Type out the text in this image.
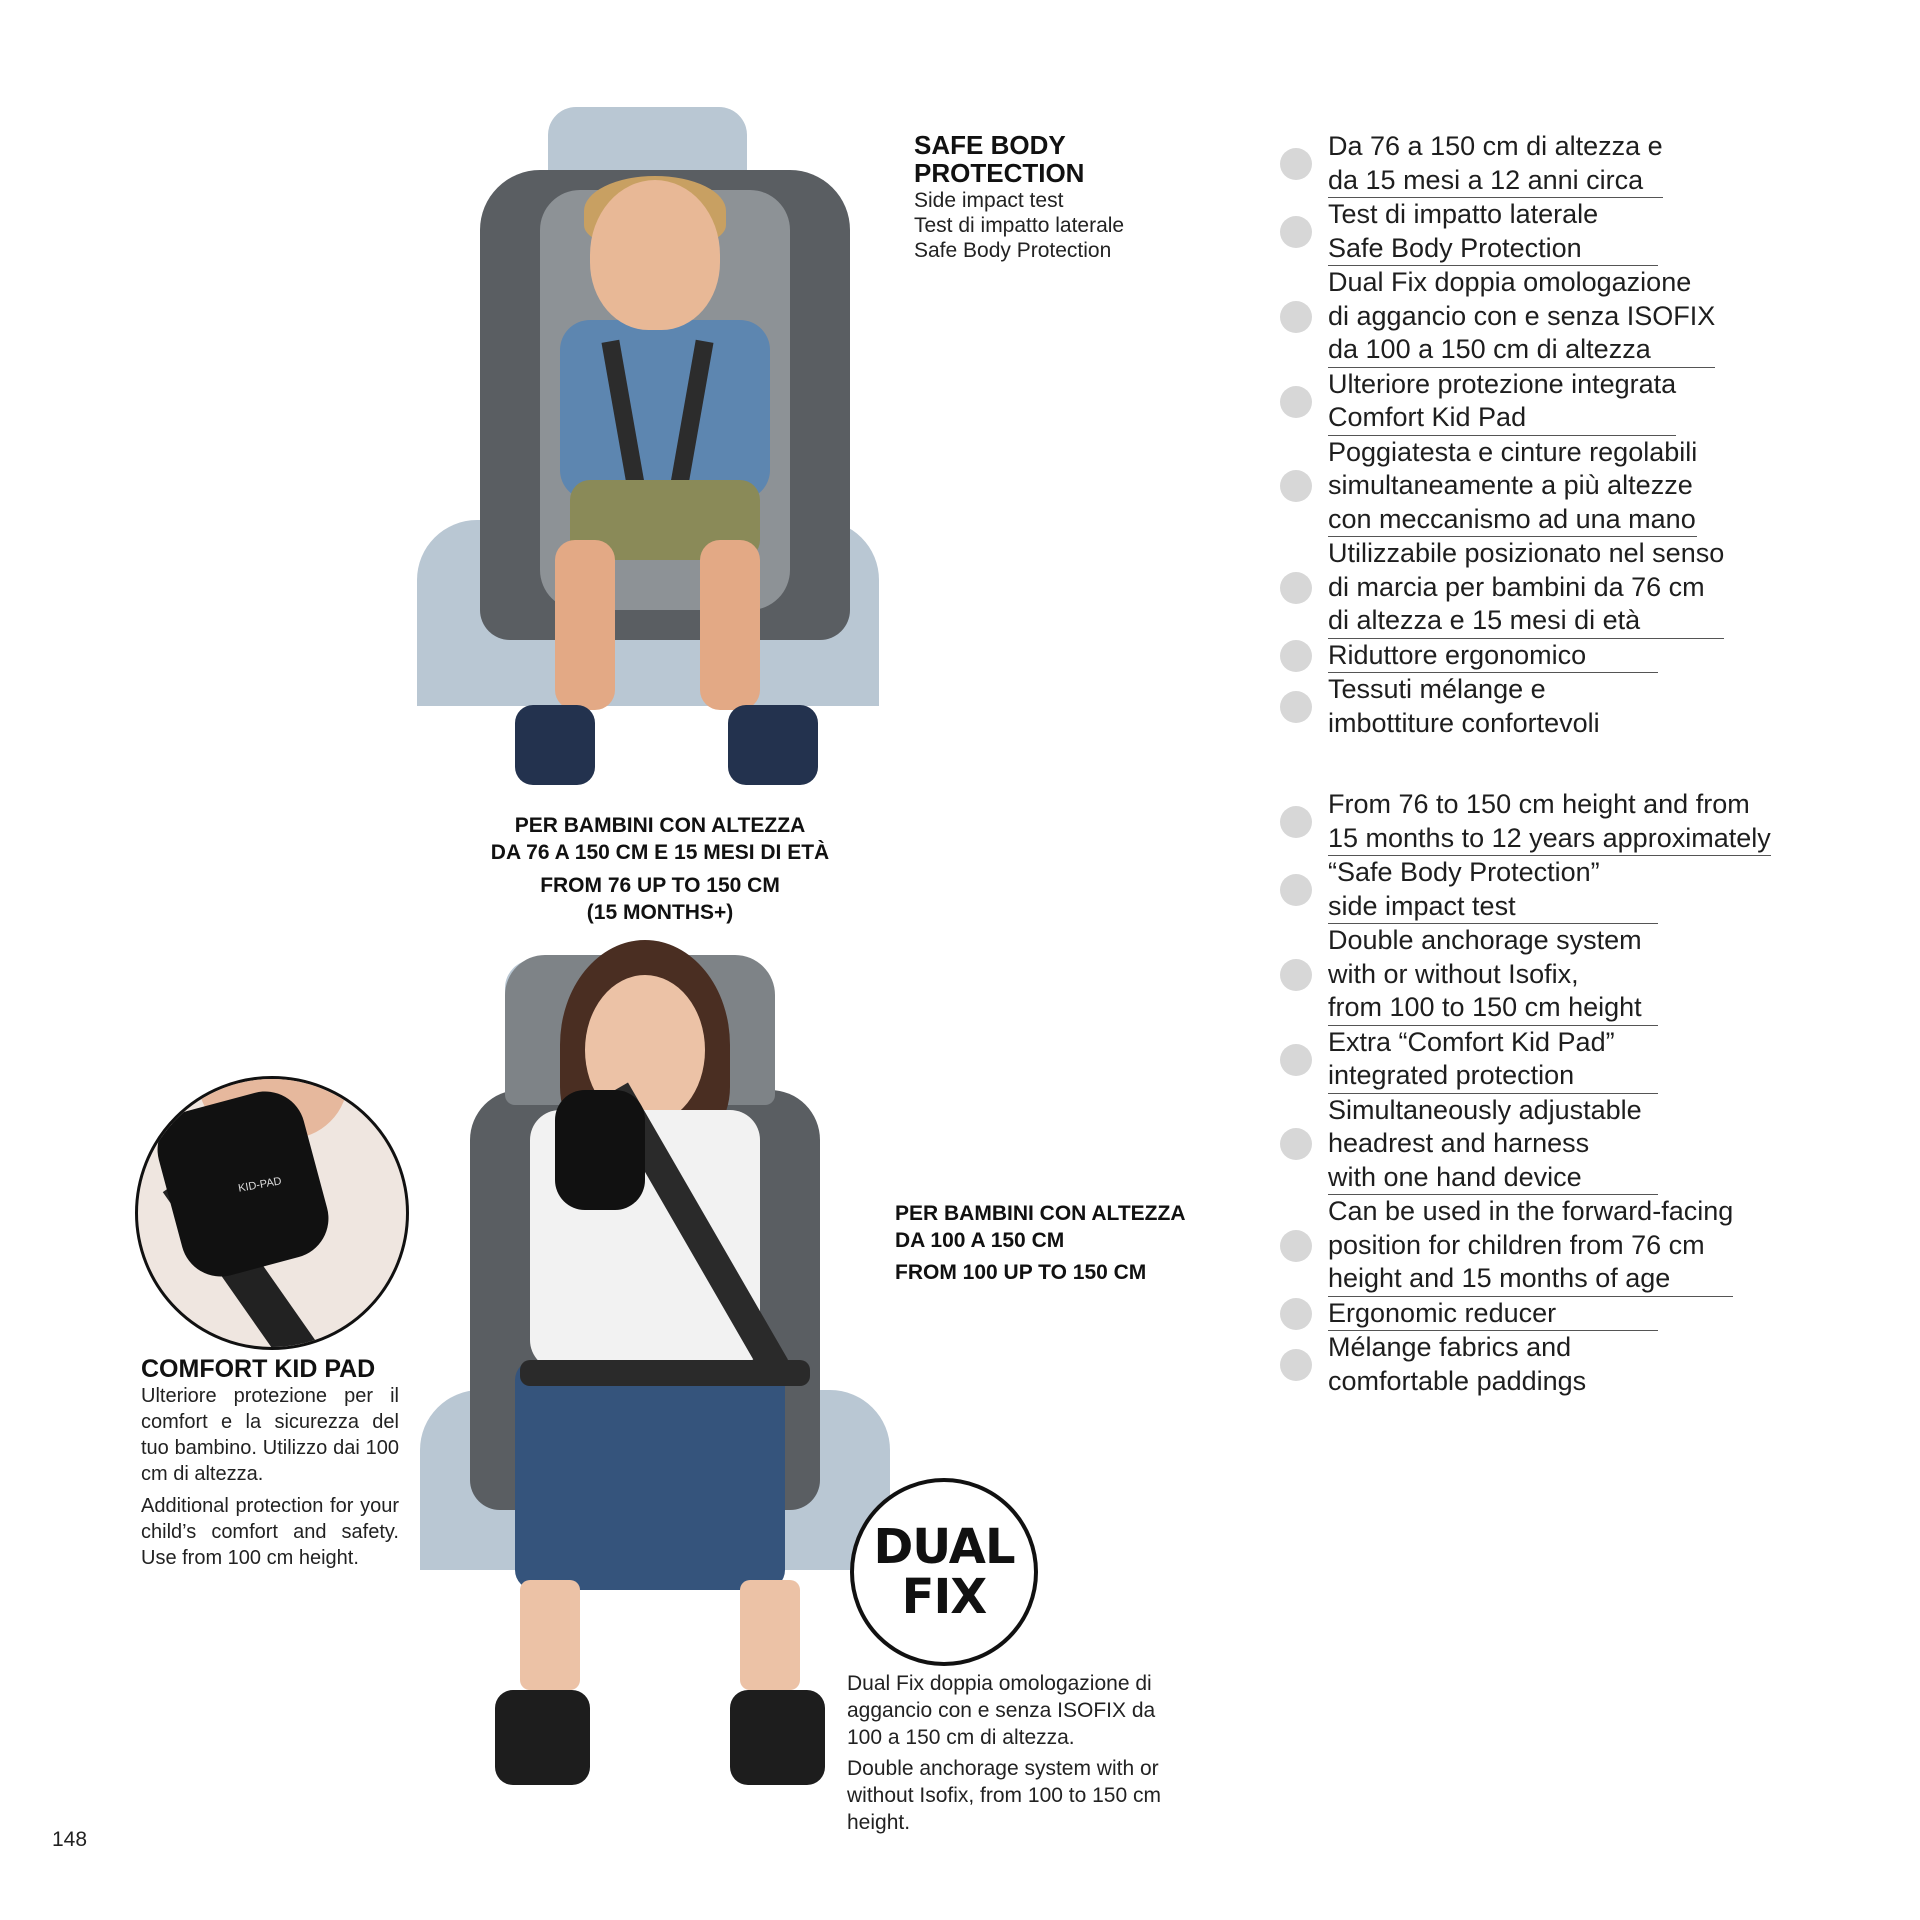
SAFE BODY
PROTECTION
Side impact test
Test di impatto laterale
Safe Body Protection
PER BAMBINI CON ALTEZZA
DA 76 A 150 CM E 15 MESI DI ETÀ
FROM 76 UP TO 150 CM
(15 MONTHS+)
PER BAMBINI CON ALTEZZA
DA 100 A 150 CM
FROM 100 UP TO 150 CM
KID-PAD
COMFORT KID PAD

Ulteriore protezione per il comfort e la sicurezza del tuo bambino. Utilizzo dai 100 cm di altezza.

Additional protection for your child’s comfort and safety. Use from 100 cm height.	DUAL
FIX

Dual Fix doppia omologazione di aggancio con e senza ISOFIX da 100 a 150 cm di altezza.

Double anchorage system with or without Isofix, from 100 to 150 cm height.

Da 76 a 150 cm di altezza e
da 15 mesi a 12 anni circa
Test di impatto laterale
Safe Body Protection
Dual Fix doppia omologazione
di aggancio con e senza ISOFIX
da 100 a 150 cm di altezza
Ulteriore protezione integrata
Comfort Kid Pad
Poggiatesta e cinture regolabili
simultaneamente a più altezze
con meccanismo ad una mano
Utilizzabile posizionato nel senso
di marcia per bambini da 76 cm
di altezza e 15 mesi di età
Riduttore ergonomico
Tessuti mélange e
imbottiture confortevoli
From 76 to 150 cm height and from
15 months to 12 years approximately
“Safe Body Protection”
side impact test
Double anchorage system
with or without Isofix,
from 100 to 150 cm height
Extra “Comfort Kid Pad”
integrated protection
Simultaneously adjustable
headrest and harness
with one hand device
Can be used in the forward-facing
position for children from 76 cm
height and 15 months of age
Ergonomic reducer
Mélange fabrics and
comfortable paddings
148
